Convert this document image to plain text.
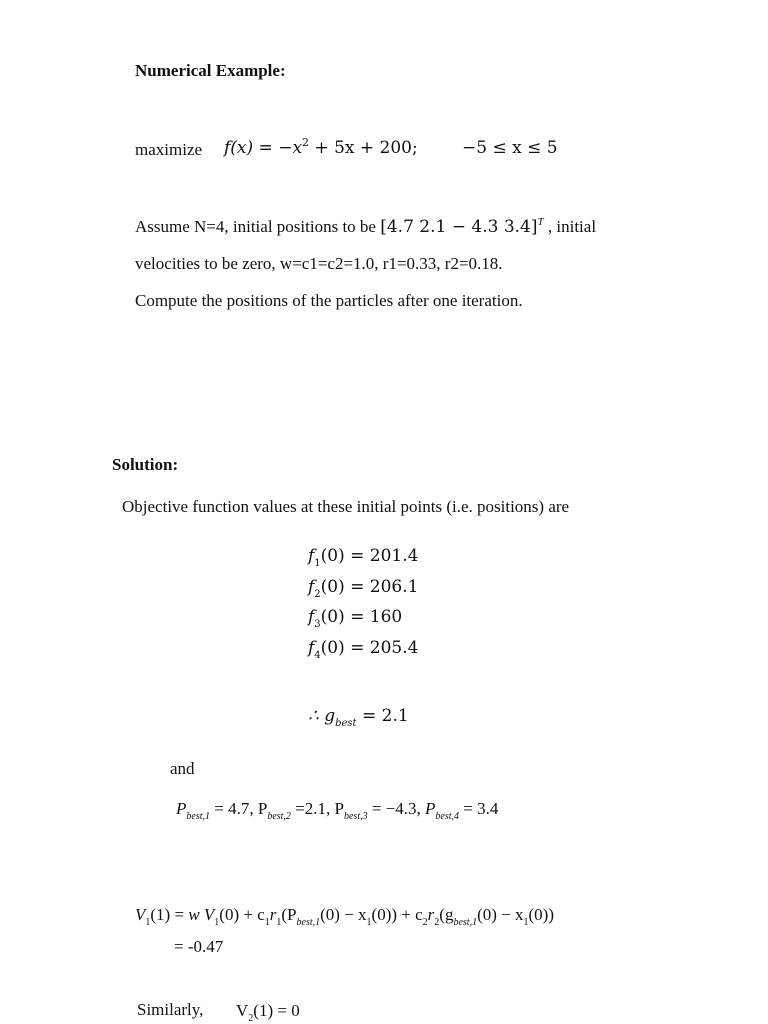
Numerical Example:
maximize $f(x) = -x^2 + 5x + 200$;	−5 ≤ x ≤ 5
Assume N=4, initial positions to be [4.7 2.1 − 4.3 3.4]$^T$ , initial
velocities to be zero, w=c1=c2=1.0, r1=0.33, r2=0.18.
Compute the positions of the particles after one iteration.
Solution:
Objective function values at these initial points (i.e. positions) are
$f_1(0) = 201.4$
$f_2(0) = 206.1$
$f_3(0) = 160$
$f_4(0) = 205.4$
∴ $g_{best} = 2.1$
and
$P_{best,1} = 4.7$, $P_{best,2} =2.1$, $P_{best,3} = -4.3$, $P_{best,4} = 3.4$
$V_1(1) = w$ $V_1(0) + c_1r_1(P_{best,1}(0) - x_1(0)) + c_2r_2(g_{best,1}(0) - x_1(0))$
= -0.47
Similarly, $V_2(1) = 0$
